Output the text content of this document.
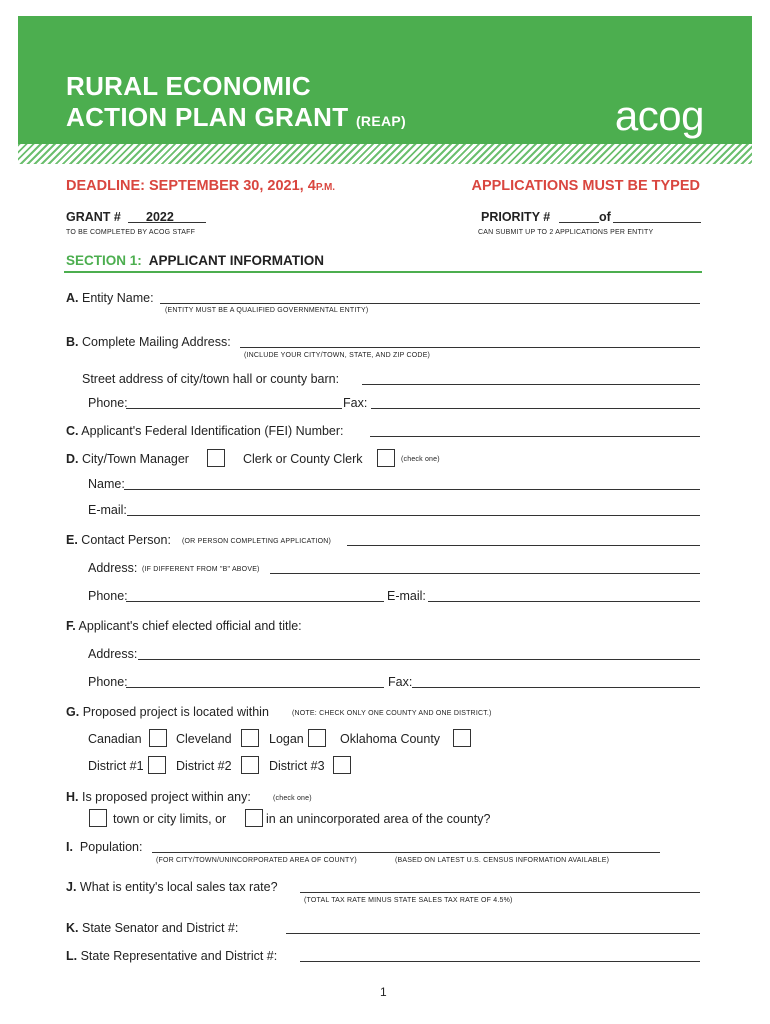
RURAL ECONOMIC
ACTION PLAN GRANT (REAP)	acog
DEADLINE: SEPTEMBER 30, 2021, 4P.M.	APPLICATIONS MUST BE TYPED
GRANT # 2022
TO BE COMPLETED BY ACOG STAFF
PRIORITY #	of
CAN SUBMIT UP TO 2 APPLICATIONS PER ENTITY
SECTION 1: APPLICANT INFORMATION
A. Entity Name:
(ENTITY MUST BE A QUALIFIED GOVERNMENTAL ENTITY)
B. Complete Mailing Address:
(INCLUDE YOUR CITY/TOWN, STATE, AND ZIP CODE)
Street address of city/town hall or county barn:
Phone:	Fax:
C. Applicant's Federal Identification (FEI) Number:
D. City/Town Manager	Clerk or County Clerk	(check one)
Name:
E-mail:
E. Contact Person: (OR PERSON COMPLETING APPLICATION)
Address: (IF DIFFERENT FROM "B" ABOVE)
Phone:	E-mail:
F. Applicant's chief elected official and title:
Address:
Phone:	Fax:
G. Proposed project is located within	(NOTE: CHECK ONLY ONE COUNTY AND ONE DISTRICT.)
Canadian	Cleveland	Logan	Oklahoma County
District #1	District #2	District #3
H. Is proposed project within any:	(check one)
town or city limits, or	in an unincorporated area of the county?
I. Population:
(FOR CITY/TOWN/UNINCORPORATED AREA OF COUNTY)	(BASED ON LATEST U.S. CENSUS INFORMATION AVAILABLE)
J. What is entity's local sales tax rate?
(TOTAL TAX RATE MINUS STATE SALES TAX RATE OF 4.5%)
K. State Senator and District #:
L. State Representative and District #:
1
